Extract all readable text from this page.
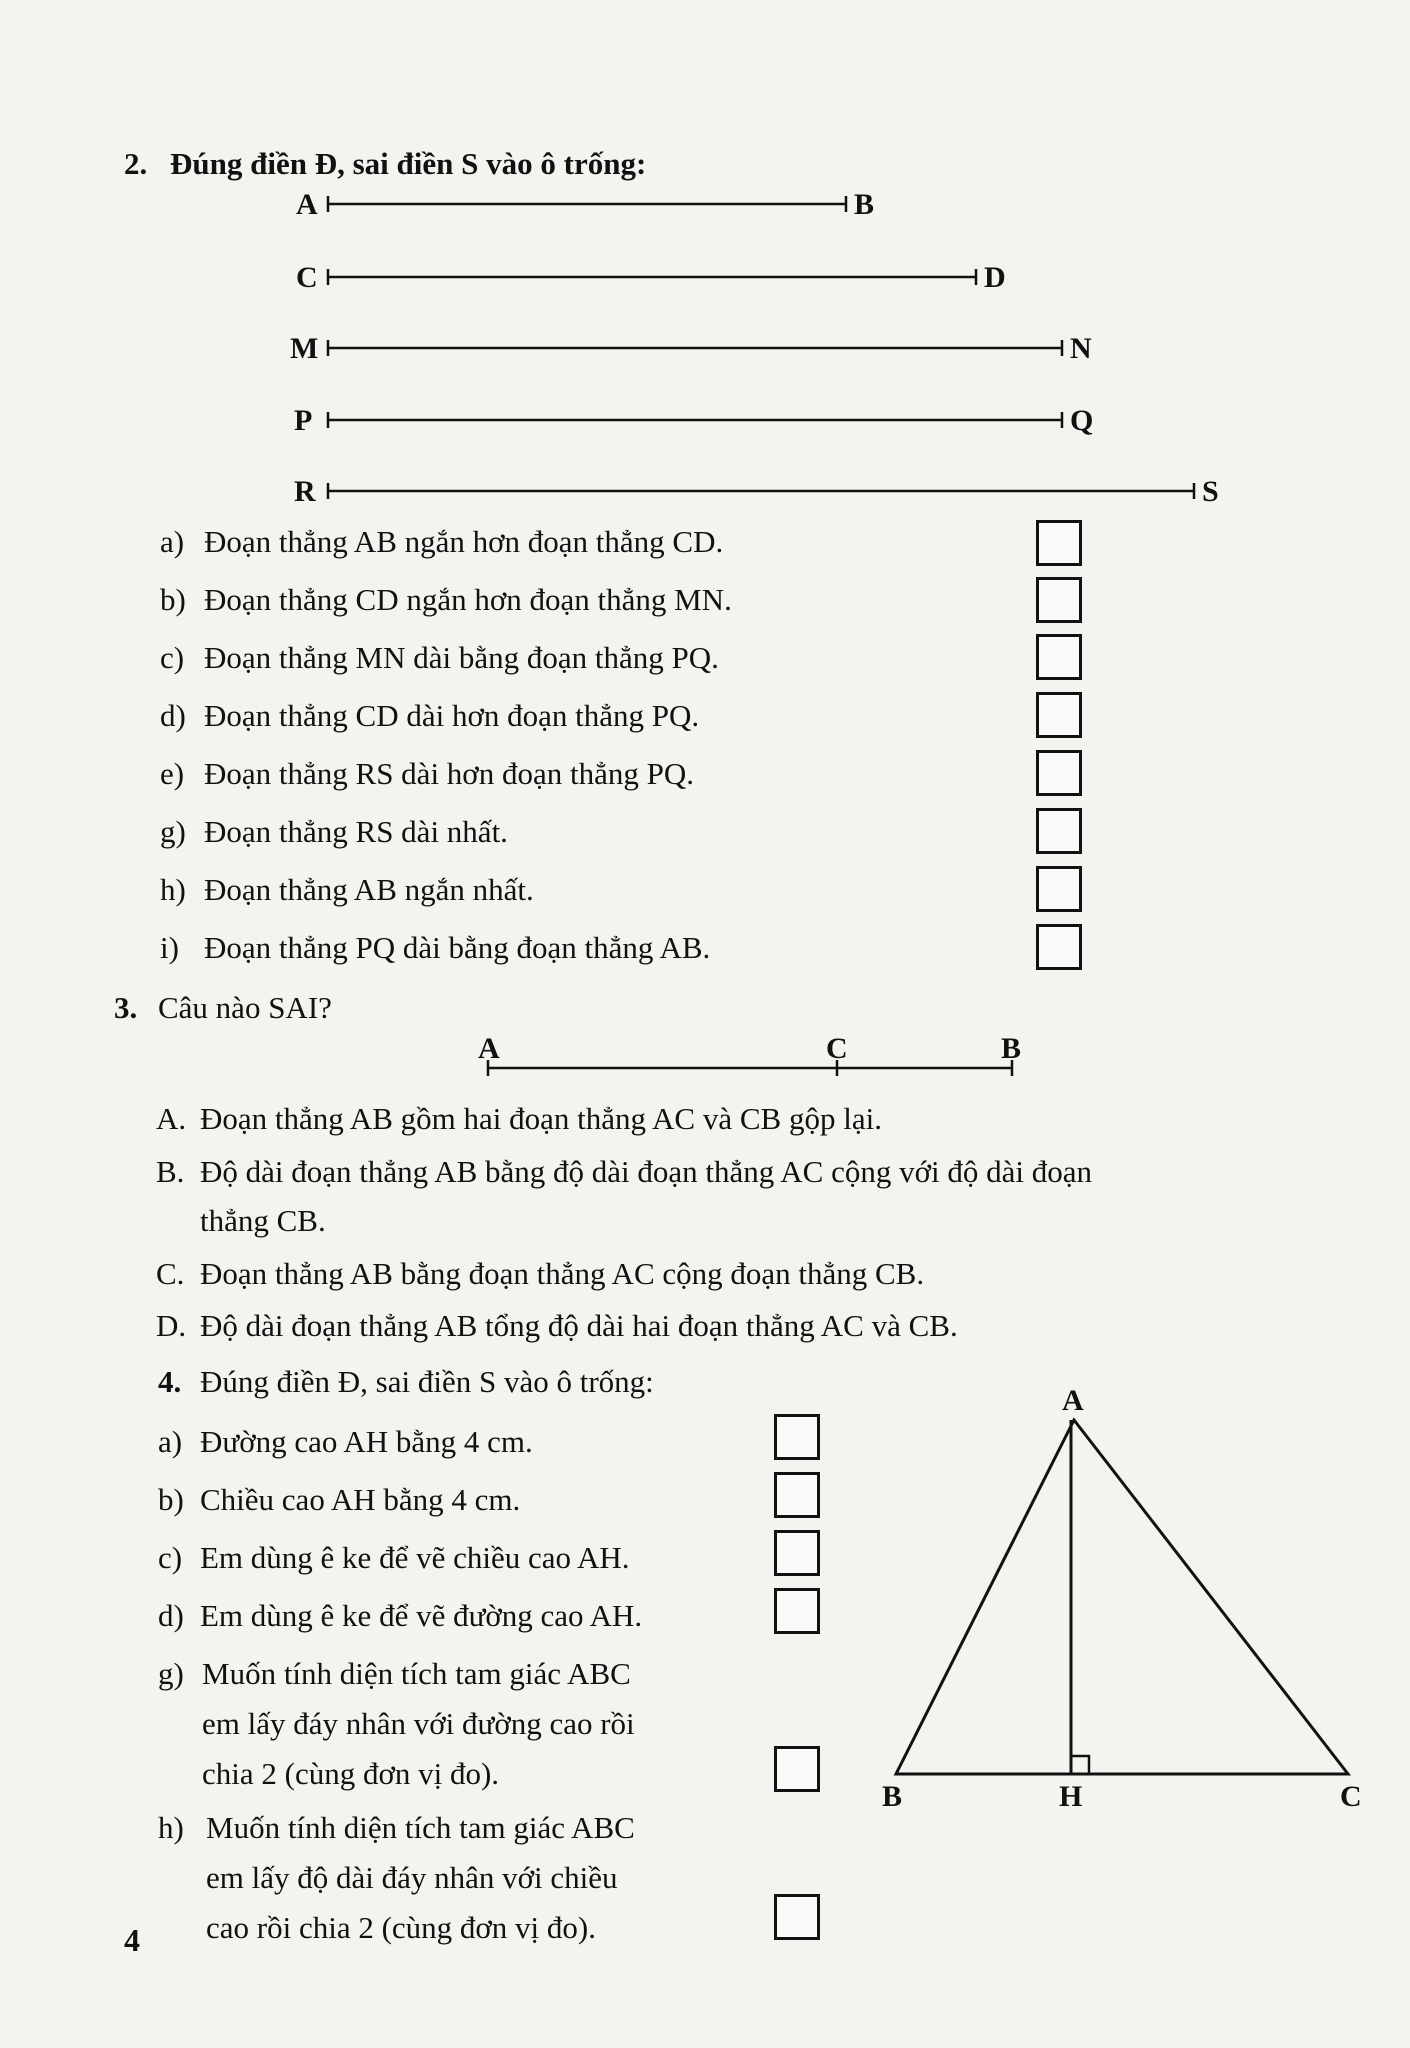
2. Đúng điền Đ, sai điền S vào ô trống:
A	B
C	D
M	N
P	Q
R	S
a) Đoạn thẳng AB ngắn hơn đoạn thẳng CD.
b) Đoạn thẳng CD ngắn hơn đoạn thẳng MN.
c) Đoạn thẳng MN dài bằng đoạn thẳng PQ.
d) Đoạn thẳng CD dài hơn đoạn thẳng PQ.
e) Đoạn thẳng RS dài hơn đoạn thẳng PQ.
g) Đoạn thẳng RS dài nhất.
h) Đoạn thẳng AB ngắn nhất.
i) Đoạn thẳng PQ dài bằng đoạn thẳng AB.
3. Câu nào SAI?
A	C	B
A. Đoạn thẳng AB gồm hai đoạn thẳng AC và CB gộp lại.
B. Độ dài đoạn thẳng AB bằng độ dài đoạn thẳng AC cộng với độ dài đoạn
thẳng CB.
C. Đoạn thẳng AB bằng đoạn thẳng AC cộng đoạn thẳng CB.
D. Độ dài đoạn thẳng AB tổng độ dài hai đoạn thẳng AC và CB.
4. Đúng điền Đ, sai điền S vào ô trống:
a) Đường cao AH bằng 4 cm.
b) Chiều cao AH bằng 4 cm.
c) Em dùng ê ke để vẽ chiều cao AH.
d) Em dùng ê ke để vẽ đường cao AH.
g) Muốn tính diện tích tam giác ABC
em lấy đáy nhân với đường cao rồi
chia 2 (cùng đơn vị đo).
h) Muốn tính diện tích tam giác ABC
em lấy độ dài đáy nhân với chiều
cao rồi chia 2 (cùng đơn vị đo).
A
B	H	C
4
